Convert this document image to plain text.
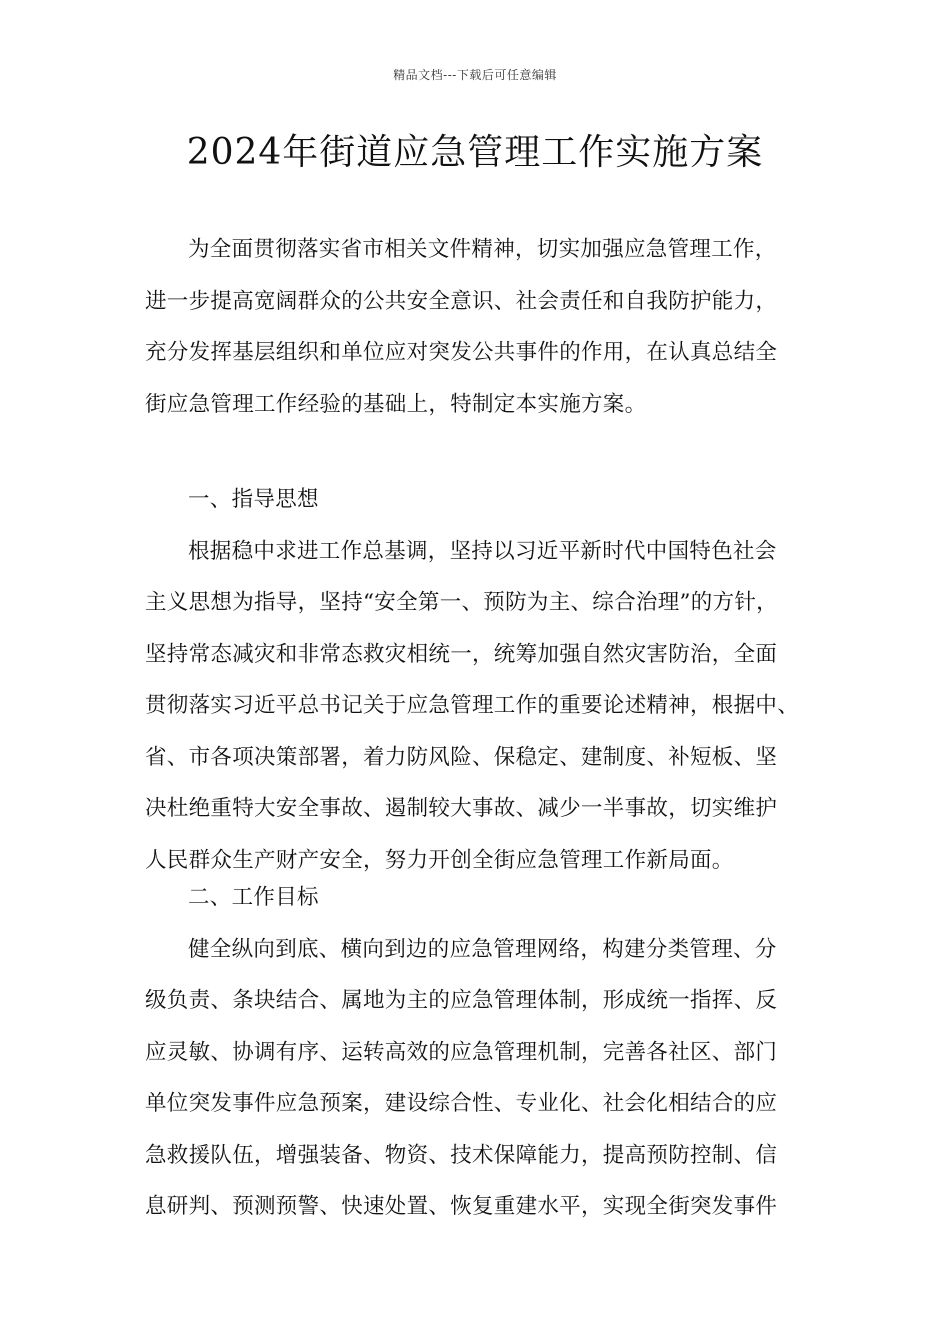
精品文档---下载后可任意编辑
2024年街道应急管理工作实施方案

为全面贯彻落实省市相关文件精神，切实加强应急管理工作，
进一步提高宽阔群众的公共安全意识、社会责任和自我防护能力，
充分发挥基层组织和单位应对突发公共事件的作用，在认真总结全
街应急管理工作经验的基础上，特制定本实施方案。

一、指导思想

根据稳中求进工作总基调，坚持以习近平新时代中国特色社会
主义思想为指导，坚持“安全第一、预防为主、综合治理”的方针，
坚持常态减灾和非常态救灾相统一，统筹加强自然灾害防治，全面
贯彻落实习近平总书记关于应急管理工作的重要论述精神，根据中、
省、市各项决策部署，着力防风险、保稳定、建制度、补短板、坚
决杜绝重特大安全事故、遏制较大事故、减少一半事故，切实维护
人民群众生产财产安全，努力开创全街应急管理工作新局面。

二、工作目标

健全纵向到底、横向到边的应急管理网络，构建分类管理、分
级负责、条块结合、属地为主的应急管理体制，形成统一指挥、反
应灵敏、协调有序、运转高效的应急管理机制，完善各社区、部门
单位突发事件应急预案，建设综合性、专业化、社会化相结合的应
急救援队伍，增强装备、物资、技术保障能力，提高预防控制、信
息研判、预测预警、快速处置、恢复重建水平，实现全街突发事件
